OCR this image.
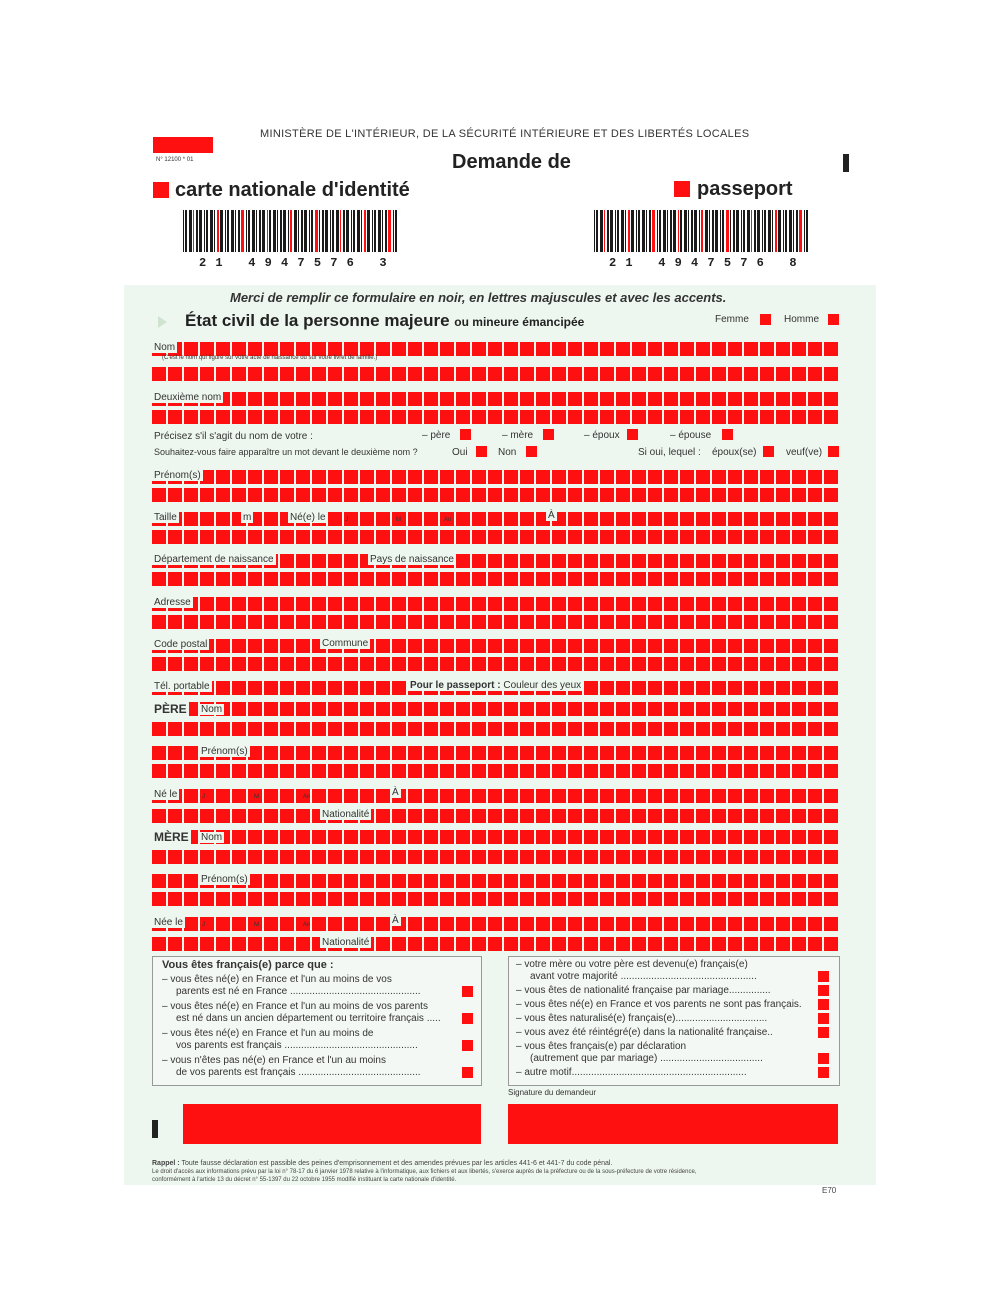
N° 12100 * 01
MINISTÈRE DE L'INTÉRIEUR, DE LA SÉCURITÉ INTÉRIEURE ET DES LIBERTÉS LOCALES
Demande de
carte nationale d'identité	passeport
2 1   4 9 4 7 5 7 6   3	2 1   4 9 4 7 5 7 6   8
Merci de remplir ce formulaire en noir, en lettres majuscules et avec les accents.
État civil de la personne majeure ou mineure émancipée	Femme	Homme
Nom
(C'est le nom qui figure sur votre acte de naissance ou sur votre livret de famille.)
Deuxième nom
Précisez s'il s'agit du nom de votre :	– père	– mère	– époux	– épouse
Souhaitez-vous faire apparaître un mot devant le deuxième nom ?	Oui	Non	Si oui, lequel : époux(se)	veuf(ve)
Prénom(s)
Taille	m	Né(e) le	J	M	An	À
Département de naissance	Pays de naissance
Adresse
Code postal	Commune
Tél. portable	Pour le passeport : Couleur des yeux
PÈRE Nom
Prénom(s)
Né le	J	M	An	À
Nationalité
MÈRE Nom
Prénom(s)
Née le	J	M	An	À
Nationalité
Vous êtes français(e) parce que :
– vous êtes né(e) en France et l'un au moins de vos
parents est né en France ...............................................
– vous êtes né(e) en France et l'un au moins de vos parents
est né dans un ancien département ou territoire français .....
– vous êtes né(e) en France et l'un au moins de
vos parents est français ................................................
– vous n'êtes pas né(e) en France et l'un au moins
de vos parents est français ............................................
– votre mère ou votre père est devenu(e) français(e)
avant votre majorité .................................................
– vous êtes de nationalité française par mariage...............
– vous êtes né(e) en France et vos parents ne sont pas français.
– vous êtes naturalisé(e) français(e).................................
– vous avez été réintégré(e) dans la nationalité française..
– vous êtes français(e) par déclaration
(autrement que par mariage) .....................................
– autre motif...............................................................
Signature du demandeur
Rappel : Toute fausse déclaration est passible des peines d'emprisonnement et des amendes prévues par les articles 441-6 et 441-7 du code pénal.
Le droit d'accès aux informations prévu par la loi n° 78-17 du 6 janvier 1978 relative à l'informatique, aux fichiers et aux libertés, s'exerce auprès de la préfecture ou de la sous-préfecture de votre résidence,
conformément à l'article 13 du décret n° 55-1397 du 22 octobre 1955 modifié instituant la carte nationale d'identité.
E70
